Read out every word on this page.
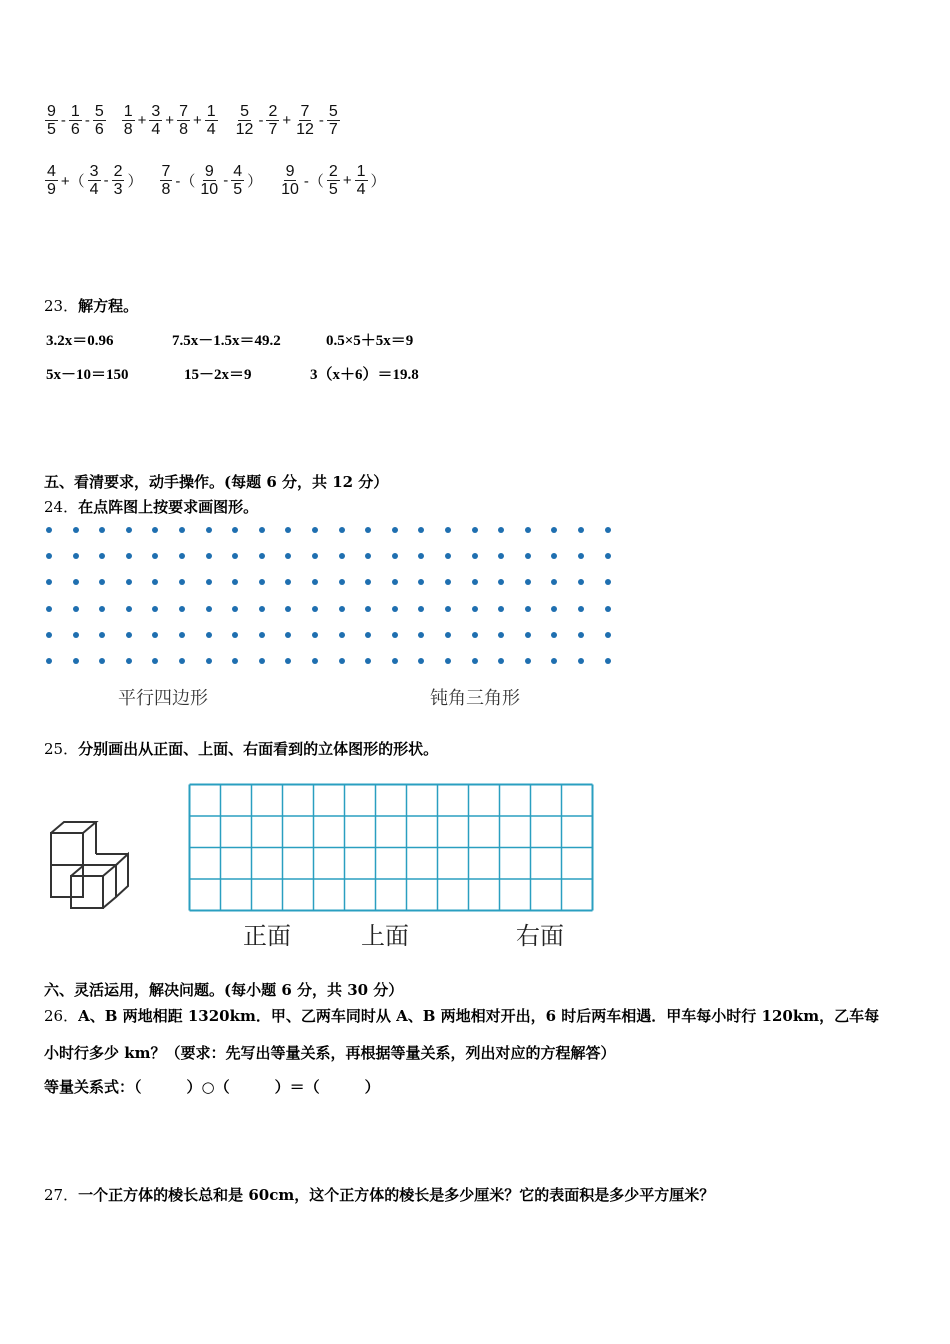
$\frac{9}{5} - \frac{1}{6} - \frac{5}{6} \frac{1}{8} + \frac{3}{4} + \frac{7}{8} + \frac{1}{4} \frac{5}{12} - \frac{2}{7} + \frac{7}{12} - \frac{5}{7}$
$\frac{4}{9}$ +（ $\frac{3}{4} - \frac{2}{3}$ ） $\frac{7}{8}$ -（ $\frac{9}{10} - \frac{4}{5}$ ） $\frac{9}{10}$ -（ $\frac{2}{5} + \frac{1}{4}$ ）
23．解方程。
3.2x＝0.96	7.5x－1.5x＝49.2	0.5×5＋5x＝9
5x－10＝150	15－2x＝9	3（x＋6）＝19.8
五、看清要求，动手操作。(每题 6 分，共 12 分）
24．在点阵图上按要求画图形。
平行四边形	钝角三角形
25．分别画出从正面、上面、右面看到的立体图形的形状。
正面	上面	右面
六、灵活运用，解决问题。(每小题 6 分，共 30 分）
26．A、B 两地相距 1320km．甲、乙两车同时从 A、B 两地相对开出，6 时后两车相遇．甲车每小时行 120km，乙车每
小时行多少 km？（要求：先写出等量关系，再根据等量关系，列出对应的方程解答）
等量关系式：（　　　）○（　　　）＝（　　　）
27．一个正方体的棱长总和是 60cm，这个正方体的棱长是多少厘米？它的表面积是多少平方厘米？
